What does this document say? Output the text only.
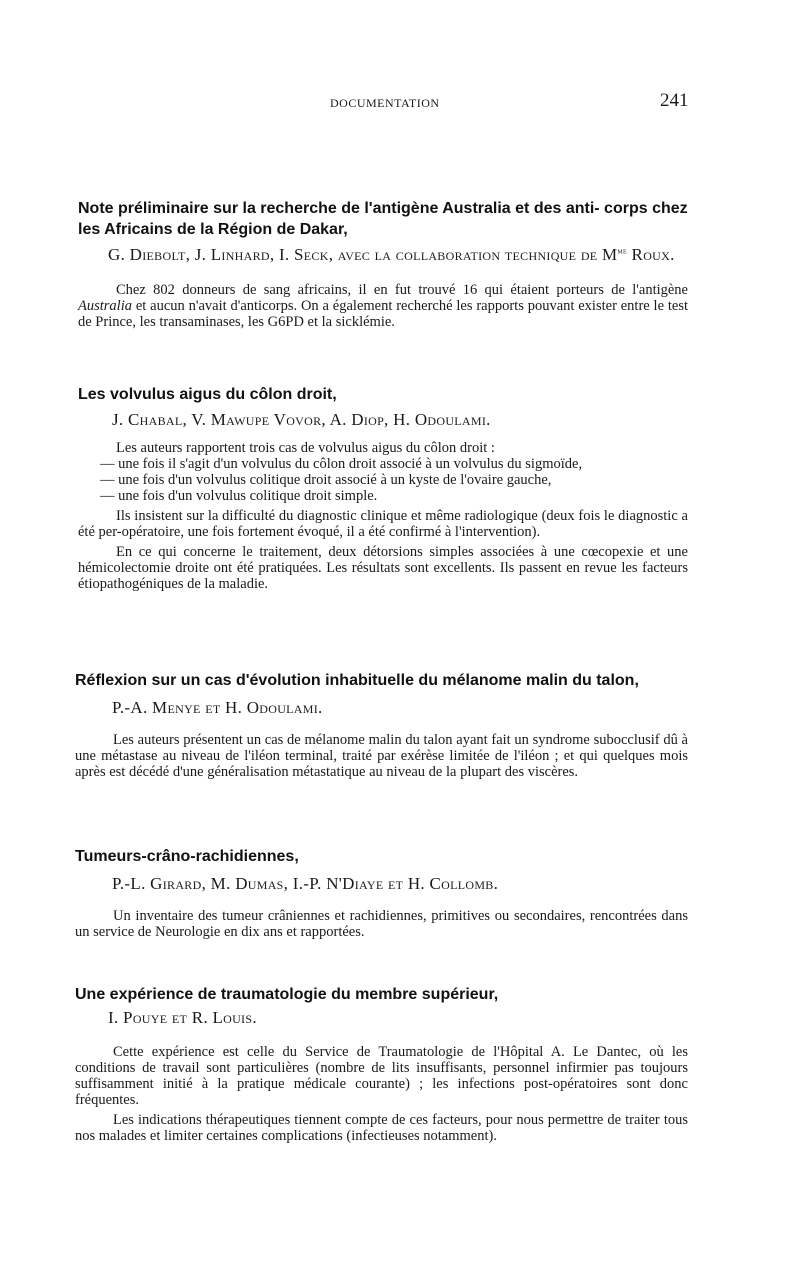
DOCUMENTATION	241
Note préliminaire sur la recherche de l'antigène Australia et des anti- corps chez les Africains de la Région de Dakar,

G. Diebolt, J. Linhard, I. Seck, avec la collaboration technique de $M^{me}$ Roux.

Chez 802 donneurs de sang africains, il en fut trouvé 16 qui étaient porteurs de l'antigène Australia et aucun n'avait d'anticorps. On a également recherché les rapports pouvant exister entre le test de Prince, les transaminases, les G6PD et la sicklémie.

Les volvulus aigus du côlon droit,

J. Chabal, V. Mawupe Vovor, A. Diop, H. Odoulami.

Les auteurs rapportent trois cas de volvulus aigus du côlon droit :

— une fois il s'agit d'un volvulus du côlon droit associé à un volvulus du sigmoïde,

— une fois d'un volvulus colitique droit associé à un kyste de l'ovaire gauche,

— une fois d'un volvulus colitique droit simple.

Ils insistent sur la difficulté du diagnostic clinique et même radiologique (deux fois le diagnostic a été per-opératoire, une fois fortement évoqué, il a été confirmé à l'intervention).

En ce qui concerne le traitement, deux détorsions simples associées à une cœcopexie et une hémicolectomie droite ont été pratiquées. Les résultats sont excellents. Ils passent en revue les facteurs étiopathogéniques de la maladie.

Réflexion sur un cas d'évolution inhabituelle du mélanome malin du talon,

P.-A. Menye et H. Odoulami.

Les auteurs présentent un cas de mélanome malin du talon ayant fait un syndrome subocclusif dû à une métastase au niveau de l'iléon terminal, traité par exérèse limitée de l'iléon ; et qui quelques mois après est décédé d'une généralisation métastatique au niveau de la plupart des viscères.

Tumeurs-crâno-rachidiennes,

P.-L. Girard, M. Dumas, I.-P. N'Diaye et H. Collomb.

Un inventaire des tumeur crâniennes et rachidiennes, primitives ou secondaires, rencontrées dans un service de Neurologie en dix ans et rapportées.

Une expérience de traumatologie du membre supérieur,

I. Pouye et R. Louis.

Cette expérience est celle du Service de Traumatologie de l'Hôpital A. Le Dantec, où les conditions de travail sont particulières (nombre de lits insuffisants, personnel infirmier pas toujours suffisamment initié à la pratique médicale courante) ; les infections post-opératoires sont donc fréquentes.

Les indications thérapeutiques tiennent compte de ces facteurs, pour nous permettre de traiter tous nos malades et limiter certaines complications (infectieuses notamment).
